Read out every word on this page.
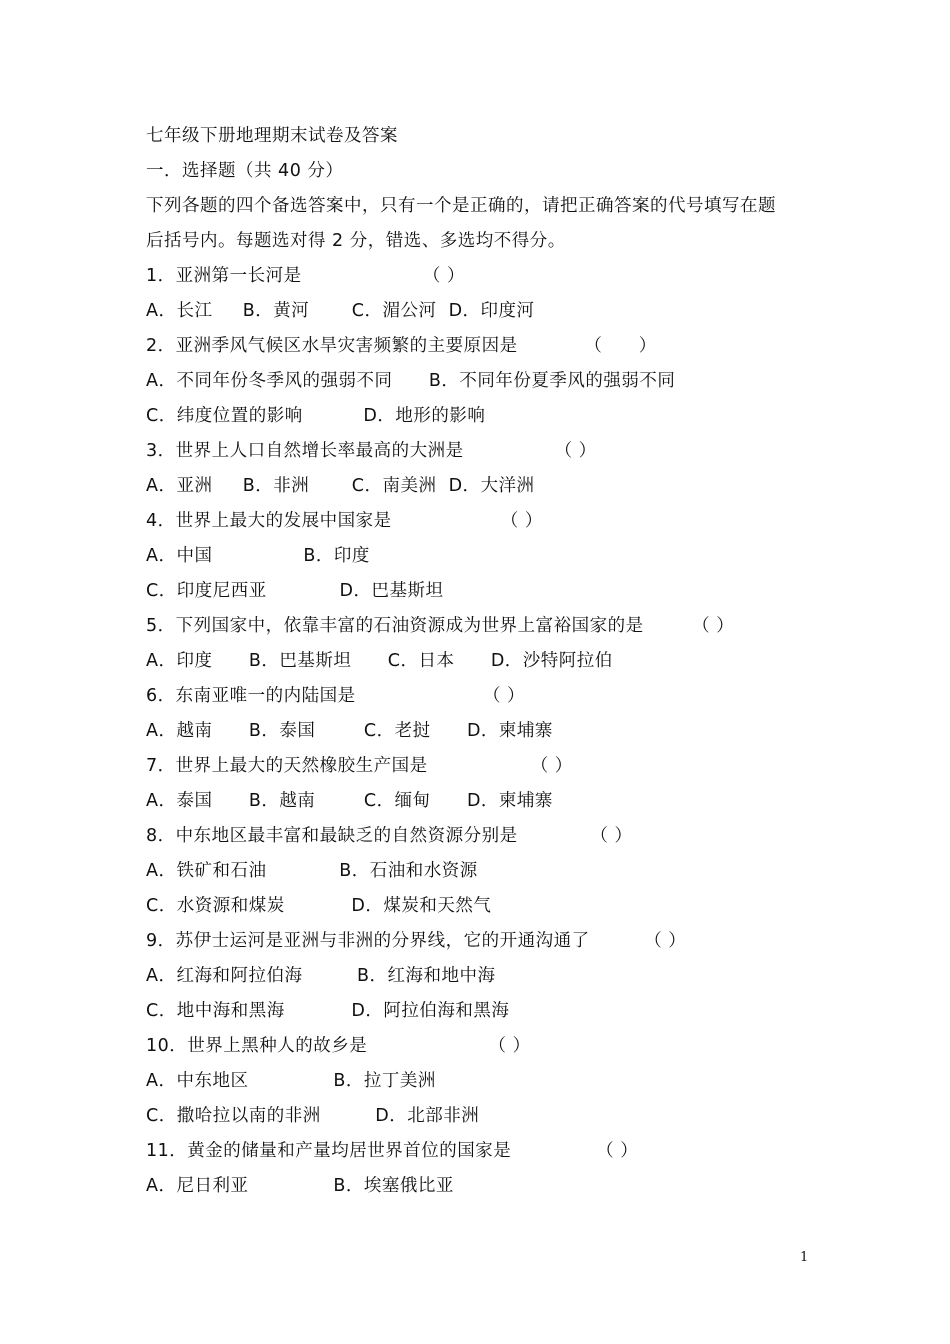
七年级下册地理期末试卷及答案
一．选择题（共 40 分）
下列各题的四个备选答案中，只有一个是正确的，请把正确答案的代号填写在题
后括号内。每题选对得 2 分，错选、多选均不得分。
1．亚洲第一长河是                    （ ）
A．长江     B．黄河       C．湄公河  D．印度河
2．亚洲季风气候区水旱灾害频繁的主要原因是           （      ）
A．不同年份冬季风的强弱不同      B．不同年份夏季风的强弱不同
C．纬度位置的影响          D．地形的影响
3．世界上人口自然增长率最高的大洲是               （ ）
A．亚洲     B．非洲       C．南美洲  D．大洋洲
4．世界上最大的发展中国家是                  （ ）
A．中国               B．印度
C．印度尼西亚            D．巴基斯坦
5．下列国家中，依靠丰富的石油资源成为世界上富裕国家的是        （ ）
A．印度      B．巴基斯坦      C．日本      D．沙特阿拉伯
6．东南亚唯一的内陆国是                     （ ）
A．越南      B．泰国        C．老挝      D．柬埔寨
7．世界上最大的天然橡胶生产国是                 （ ）
A．泰国      B．越南        C．缅甸      D．柬埔寨
8．中东地区最丰富和最缺乏的自然资源分别是            （ ）
A．铁矿和石油            B．石油和水资源
C．水资源和煤炭           D．煤炭和天然气
9．苏伊士运河是亚洲与非洲的分界线，它的开通沟通了         （ ）
A．红海和阿拉伯海         B．红海和地中海
C．地中海和黑海           D．阿拉伯海和黑海
10．世界上黑种人的故乡是                    （ ）
A．中东地区              B．拉丁美洲
C．撒哈拉以南的非洲         D．北部非洲
11．黄金的储量和产量均居世界首位的国家是              （ ）
A．尼日利亚              B．埃塞俄比亚
1
